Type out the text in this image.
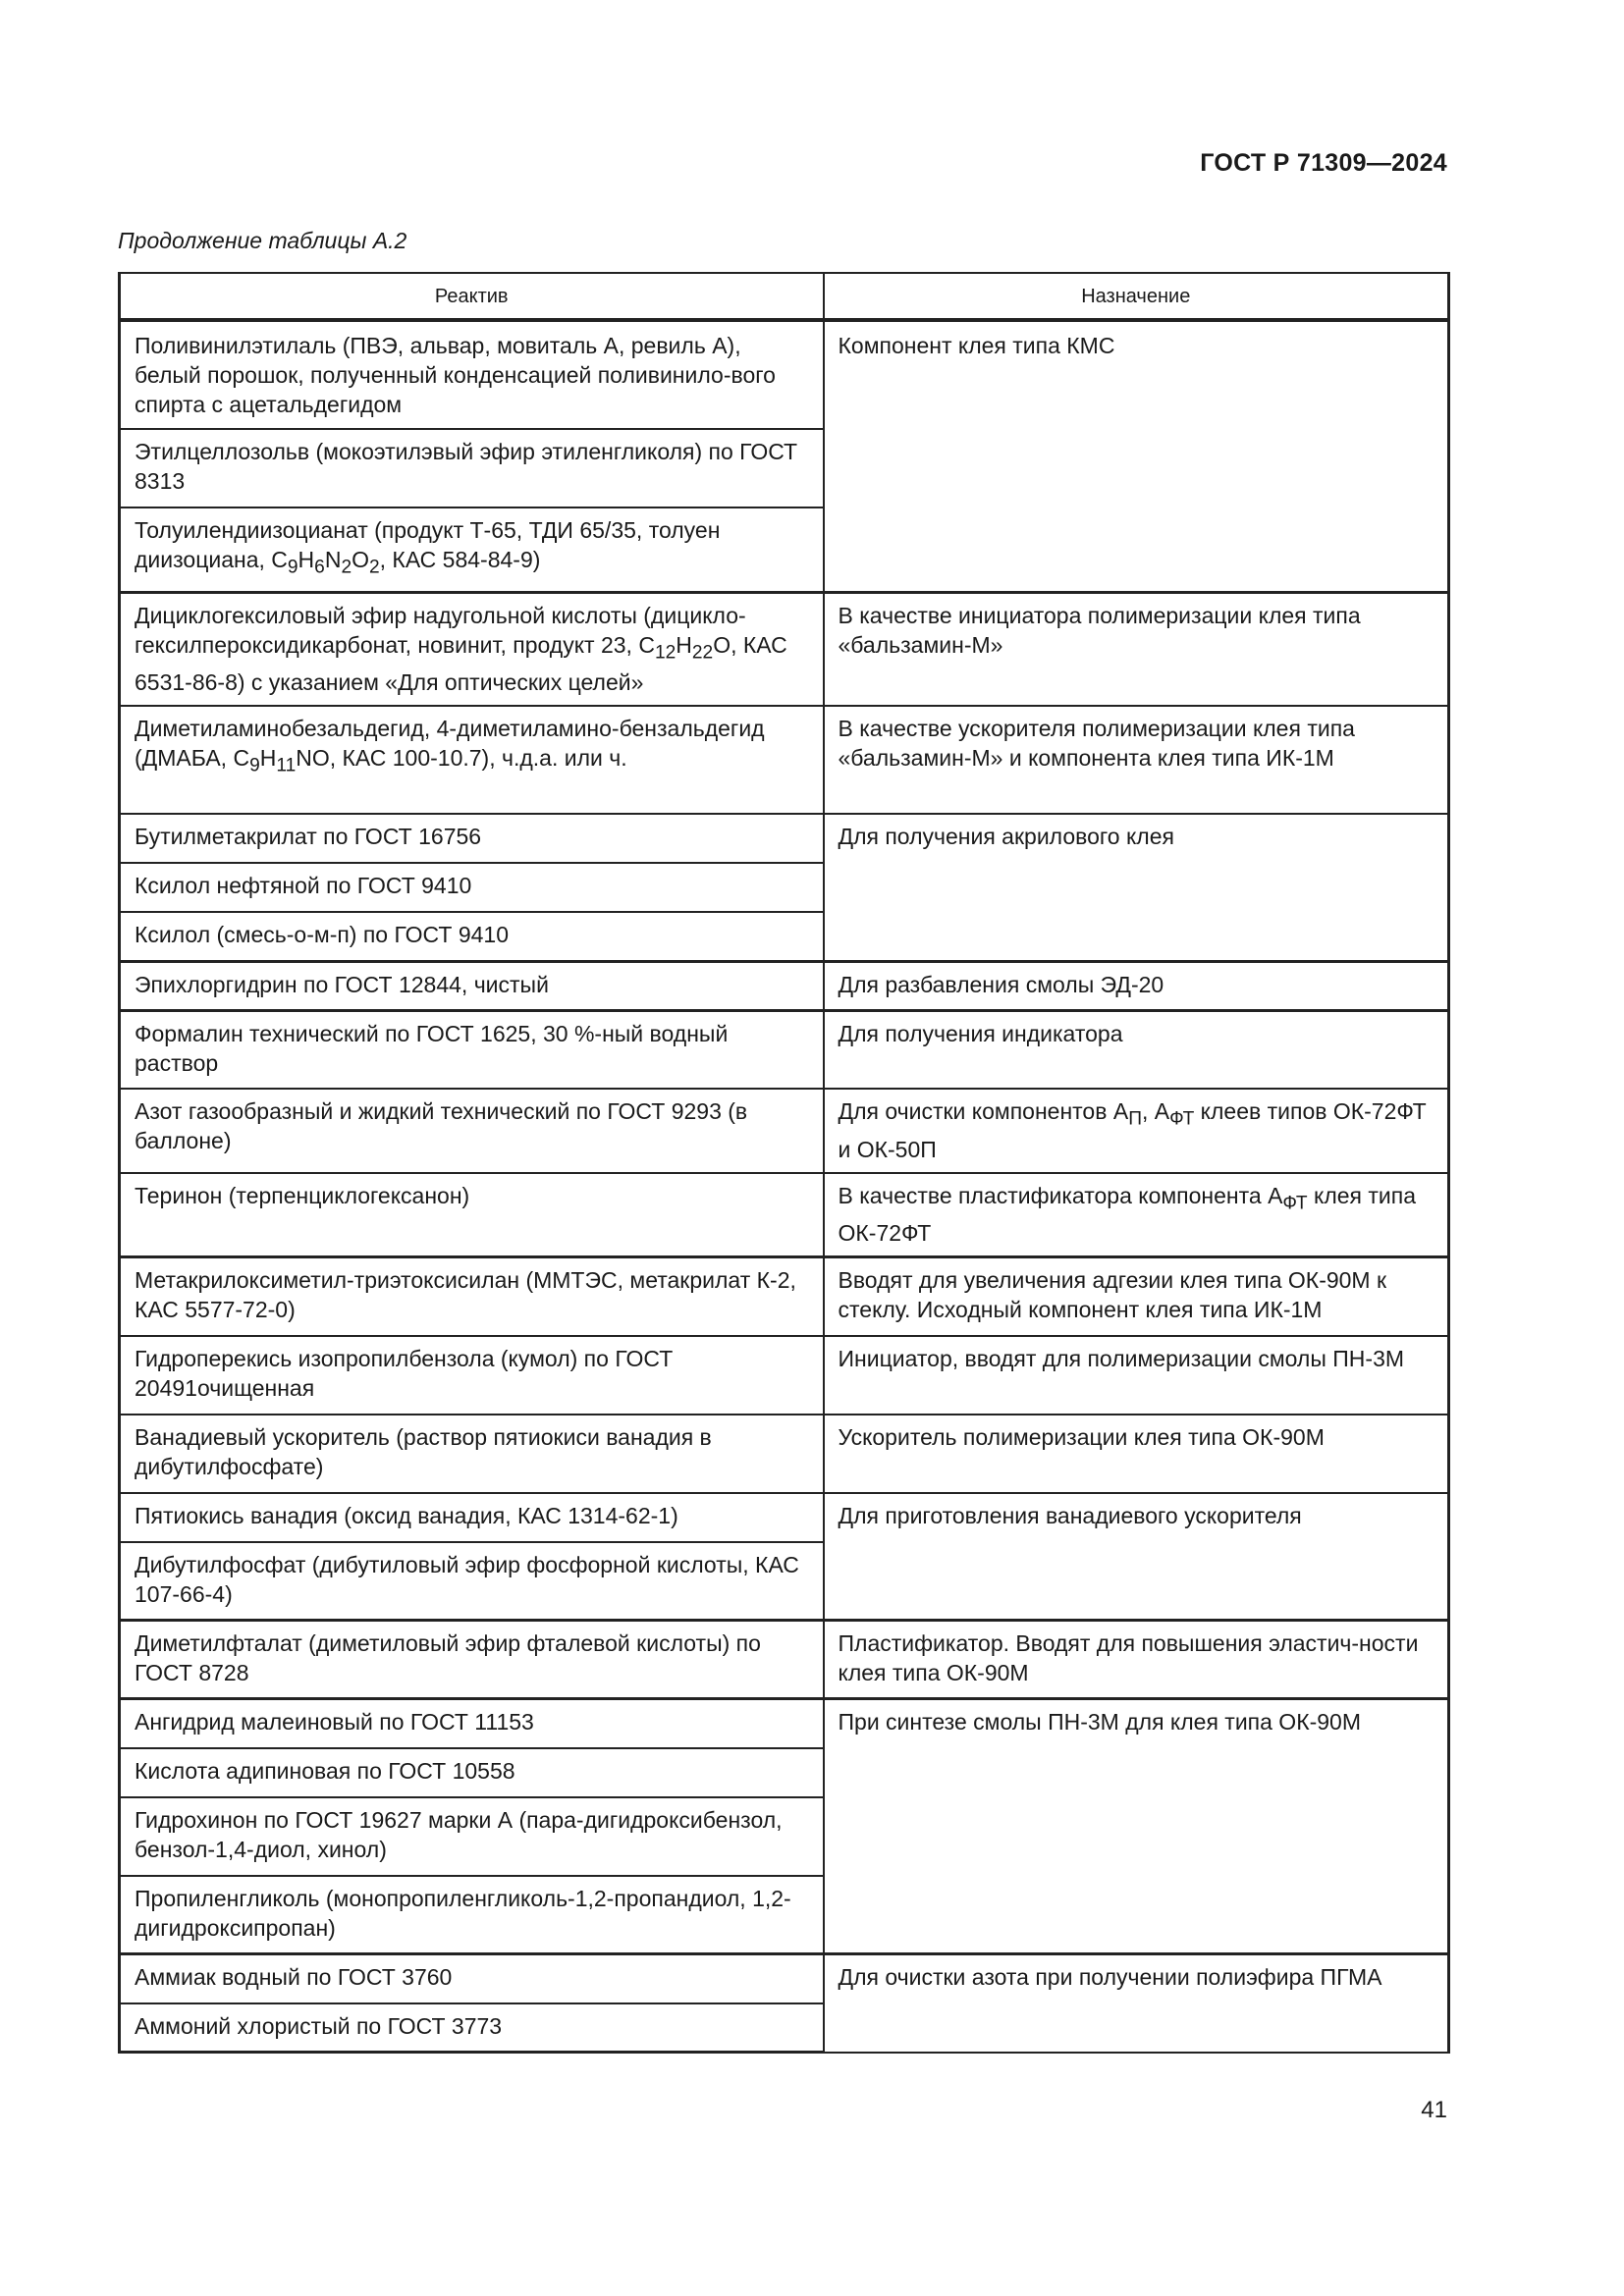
ГОСТ Р 71309—2024
Продолжение таблицы А.2
Реактив	Назначение
Поливинилэтилаль (ПВЭ, альвар, мовиталь А, ревиль А), белый порошок, полученный конденсацией поливинило-вого спирта с ацетальдегидом	Компонент клея типа КМС
Этилцеллозольв (мокоэтилэвый эфир этиленгликоля) по ГОСТ 8313	
Толуилендиизоцианат (продукт Т-65, ТДИ 65/35, толуен диизоциана, $С_9Н_6N_2O_2$, КАС 584-84-9)	
Дициклогексиловый эфир надугольной кислоты (дицикло-гексилпероксидикарбонат, новинит, продукт 23, $С_{12}Н_{22}О$, КАС 6531-86-8) с указанием «Для оптических целей»	В качестве инициатора полимеризации клея типа «бальзамин-М»
Диметиламинобезальдегид, 4-диметиламино-бензальдегид (ДМАБА, $С_9Н_{11}NO$, КАС 100-10.7), ч.д.а. или ч.	В качестве ускорителя полимеризации клея типа «бальзамин-М» и компонента клея типа ИК-1М
Бутилметакрилат по ГОСТ 16756	Для получения акрилового клея
Ксилол нефтяной по ГОСТ 9410	
Ксилол (смесь-о-м-п) по ГОСТ 9410	
Эпихлоргидрин по ГОСТ 12844, чистый	Для разбавления смолы ЭД-20
Формалин технический по ГОСТ 1625, 30 %-ный водный раствор	Для получения индикатора
Азот газообразный и жидкий технический по ГОСТ 9293 (в баллоне)	Для очистки компонентов $А_П$, $А_{ФТ}$ клеев типов ОК-72ФТ и ОК-50П
Теринон (терпенциклогексанон)	В качестве пластификатора компонента $А_{ФТ}$ клея типа ОК-72ФТ
Метакрилоксиметил-триэтоксисилан (ММТЭС, метакрилат К-2, КАС 5577-72-0)	Вводят для увеличения адгезии клея типа ОК-90М к стеклу. Исходный компонент клея типа ИК-1М
Гидроперекись изопропилбензола (кумол) по ГОСТ 20491очищенная	Инициатор, вводят для полимеризации смолы ПН-3М
Ванадиевый ускоритель (раствор пятиокиси ванадия в дибутилфосфате)	Ускоритель полимеризации клея типа ОК-90М
Пятиокись ванадия (оксид ванадия, КАС 1314-62-1)	Для приготовления ванадиевого ускорителя
Дибутилфосфат (дибутиловый эфир фосфорной кислоты, КАС 107-66-4)	
Диметилфталат (диметиловый эфир фталевой кислоты) по ГОСТ 8728	Пластификатор. Вводят для повышения эластич-ности клея типа ОК-90М
Ангидрид малеиновый по ГОСТ 11153	При синтезе смолы ПН-3М для клея типа ОК-90М
Кислота адипиновая по ГОСТ 10558	
Гидрохинон по ГОСТ 19627 марки А (пара-дигидроксибензол, бензол-1,4-диол, хинол)	
Пропиленгликоль (монопропиленгликоль-1,2-пропандиол, 1,2-дигидроксипропан)	
Аммиак водный по ГОСТ 3760	Для очистки азота при получении полиэфира ПГМА
Аммоний хлористый по ГОСТ 3773	
41
